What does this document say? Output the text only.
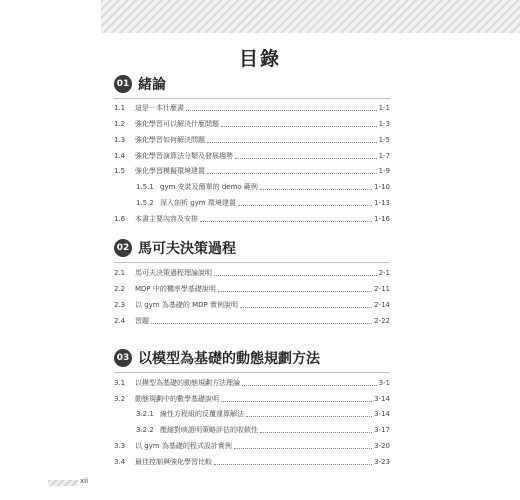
目錄
01 緒論
1.1	這是一本什麼書	1-1
1.2	強化學習可以解決什麼問題	1-3
1.3	強化學習如何解決問題	1-5
1.4	強化學習演算法分類及發展趨勢	1-7
1.5	強化學習模擬環境建置	1-9
1.5.1 gym 安裝及簡單的 demo 範例	1-10
1.5.2 深入剖析 gym 環境建置	1-13
1.6	本書主要內容及安排	1-16
02 馬可夫決策過程
2.1	馬可夫決策過程理論說明	2-1
2.2	MDP 中的機率學基礎說明	2-11
2.3	以 gym 為基礎的 MDP 實例說明	2-14
2.4	習題	2-22
03 以模型為基礎的動態規劃方法
3.1	以模型為基礎的動態規劃方法理論	3-1
3.2	動態規劃中的數學基礎說明	3-14
3.2.1 線性方程組的反覆運算解法	3-14
3.2.2 壓縮對映證明策略評估的收斂性	3-17
3.3	以 gym 為基礎的程式設計實例	3-20
3.4	最佳控制與強化學習比較	3-23
xii
